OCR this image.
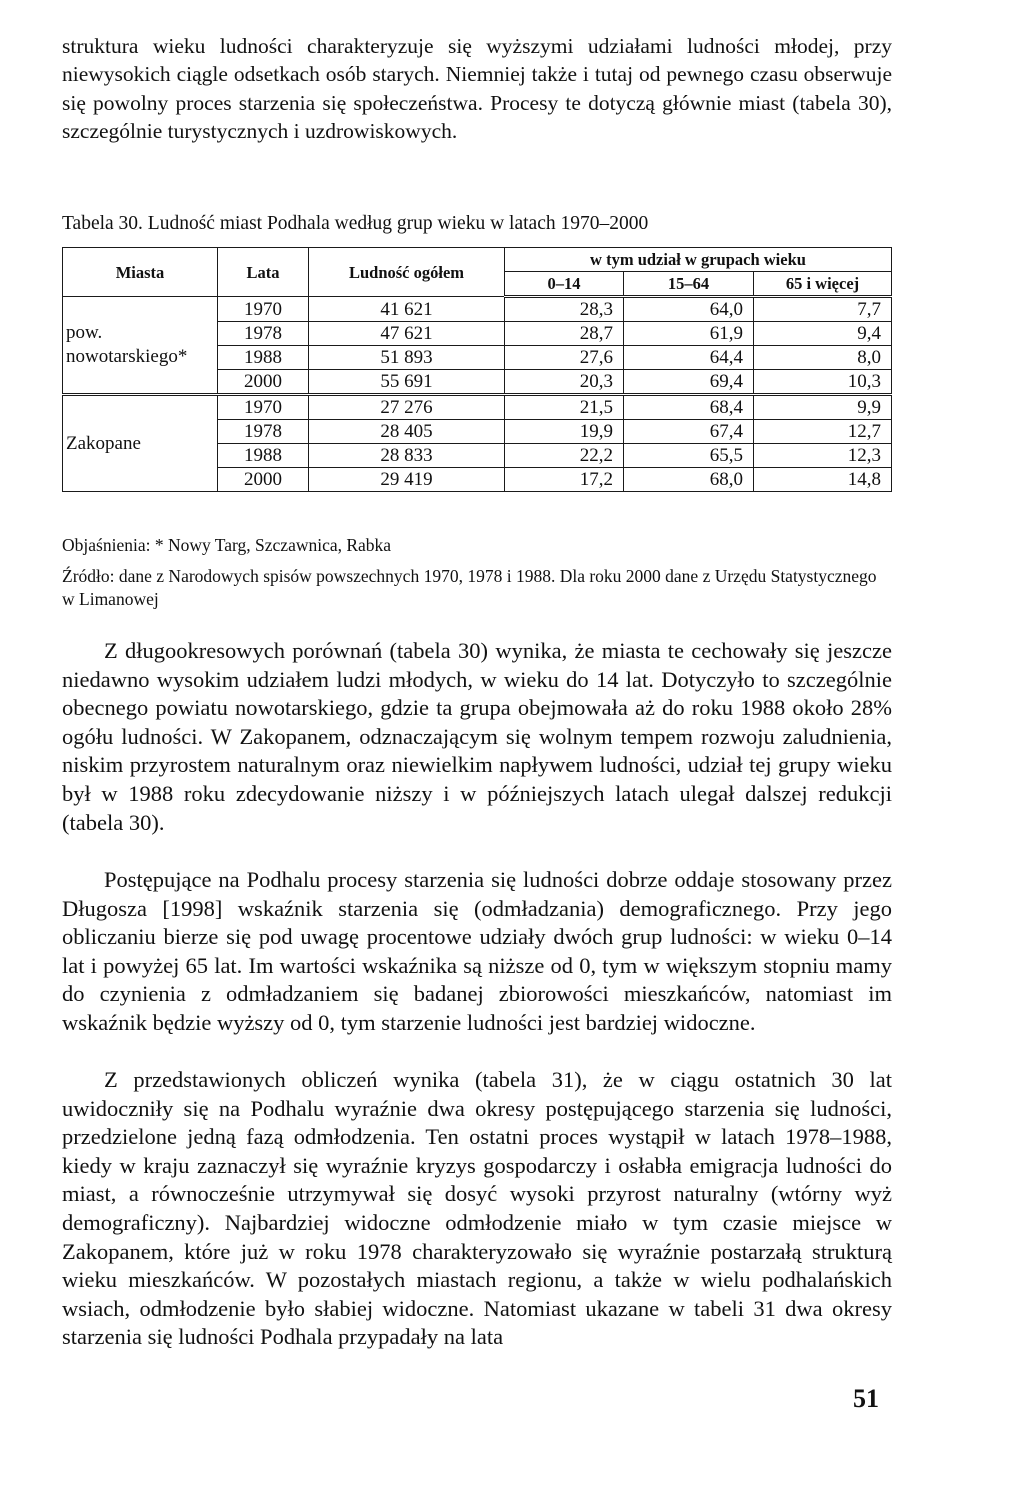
struktura wieku ludności charakteryzuje się wyższymi udziałami ludności młodej, przy niewysokich ciągle odsetkach osób starych. Niemniej także i tutaj od pewnego czasu obserwuje się powolny proces starzenia się społeczeństwa. Procesy te dotyczą głównie miast (tabela 30), szczególnie turystycznych i uzdrowiskowych.

Tabela 30. Ludność miast Podhala według grup wieku w latach 1970–2000

Miasta	Lata	Ludność ogółem	w tym udział w grupach wieku		
			0–14	15–64	65 i więcej
pow. nowotarskiego*	1970	41 621	28,3	64,0	7,7
	1978	47 621	28,7	61,9	9,4
	1988	51 893	27,6	64,4	8,0
	2000	55 691	20,3	69,4	10,3
Zakopane	1970	27 276	21,5	68,4	9,9
	1978	28 405	19,9	67,4	12,7
	1988	28 833	22,2	65,5	12,3
	2000	29 419	17,2	68,0	14,8

Objaśnienia: * Nowy Targ, Szczawnica, Rabka

Źródło: dane z Narodowych spisów powszechnych 1970, 1978 i 1988. Dla roku 2000 dane z Urzędu Statystycznego w Limanowej

Z długookresowych porównań (tabela 30) wynika, że miasta te cechowały się jeszcze niedawno wysokim udziałem ludzi młodych, w wieku do 14 lat. Dotyczyło to szczególnie obecnego powiatu nowotarskiego, gdzie ta grupa obejmowała aż do roku 1988 około 28% ogółu ludności. W Zakopanem, odznaczającym się wolnym tempem rozwoju zaludnienia, niskim przyrostem naturalnym oraz niewielkim napływem ludności, udział tej grupy wieku był w 1988 roku zdecydowanie niższy i w późniejszych latach ulegał dalszej redukcji (tabela 30).

Postępujące na Podhalu procesy starzenia się ludności dobrze oddaje stosowany przez Długosza [1998] wskaźnik starzenia się (odmładzania) demograficznego. Przy jego obliczaniu bierze się pod uwagę procentowe udziały dwóch grup ludności: w wieku 0–14 lat i powyżej 65 lat. Im wartości wskaźnika są niższe od 0, tym w większym stopniu mamy do czynienia z odmładzaniem się badanej zbiorowości mieszkańców, natomiast im wskaźnik będzie wyższy od 0, tym starzenie ludności jest bardziej widoczne.

Z przedstawionych obliczeń wynika (tabela 31), że w ciągu ostatnich 30 lat uwidoczniły się na Podhalu wyraźnie dwa okresy postępującego starzenia się ludności, przedzielone jedną fazą odmłodzenia. Ten ostatni proces wystąpił w latach 1978–1988, kiedy w kraju zaznaczył się wyraźnie kryzys gospodarczy i osłabła emigracja ludności do miast, a równocześnie utrzymywał się dosyć wysoki przyrost naturalny (wtórny wyż demograficzny). Najbardziej widoczne odmłodzenie miało w tym czasie miejsce w Zakopanem, które już w roku 1978 charakteryzowało się wyraźnie postarzałą strukturą wieku mieszkańców. W pozostałych miastach regionu, a także w wielu podhalańskich wsiach, odmłodzenie było słabiej widoczne. Natomiast ukazane w tabeli 31 dwa okresy starzenia się ludności Podhala przypadały na lata

51
